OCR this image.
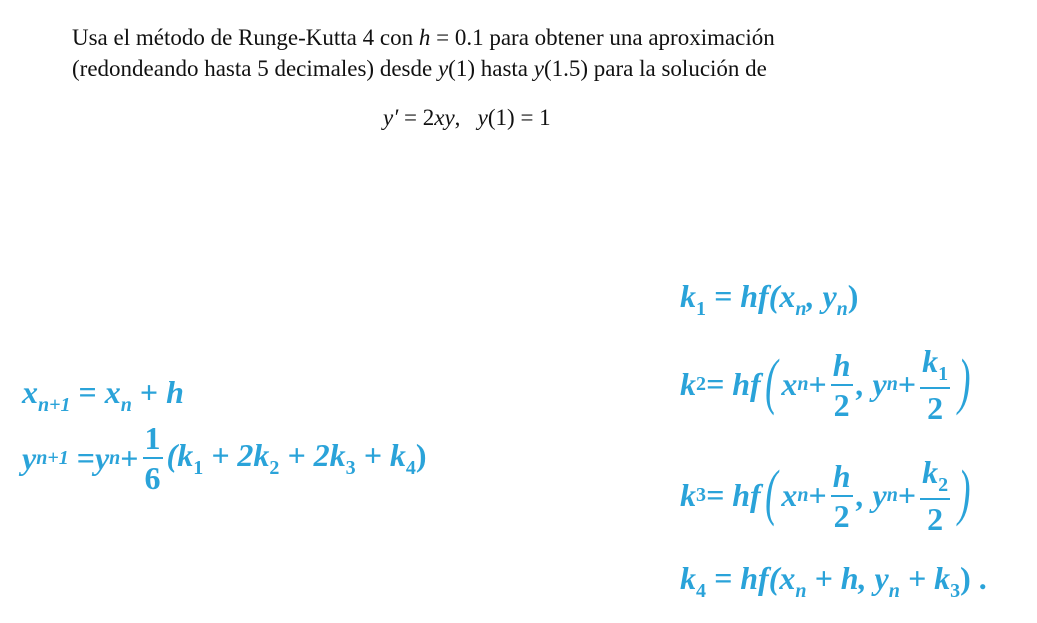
Usa el método de Runge-Kutta 4 con h = 0.1 para obtener una aproximación
(redondeando hasta 5 decimales) desde y(1) hasta y(1.5) para la solución de
y′ = 2xy, y(1) = 1
$x_{n+1} = x_n + h$
y n+1
= y $n + \frac{1}{6} (k_1 + 2k_2 + 2k_3 + k_4)$
$k_1 = hf(x_n$, $y_n$)
k 2 = hf ( x $n + \frac{h}{2}$ , y $n + \frac{k_1}{2}$ )
k 3 = hf ( x $n + \frac{h}{2}$ , y $n + \frac{k_2}{2}$ )
$k_4 = hf(x_n + h$, $y_n + k_3$) .
